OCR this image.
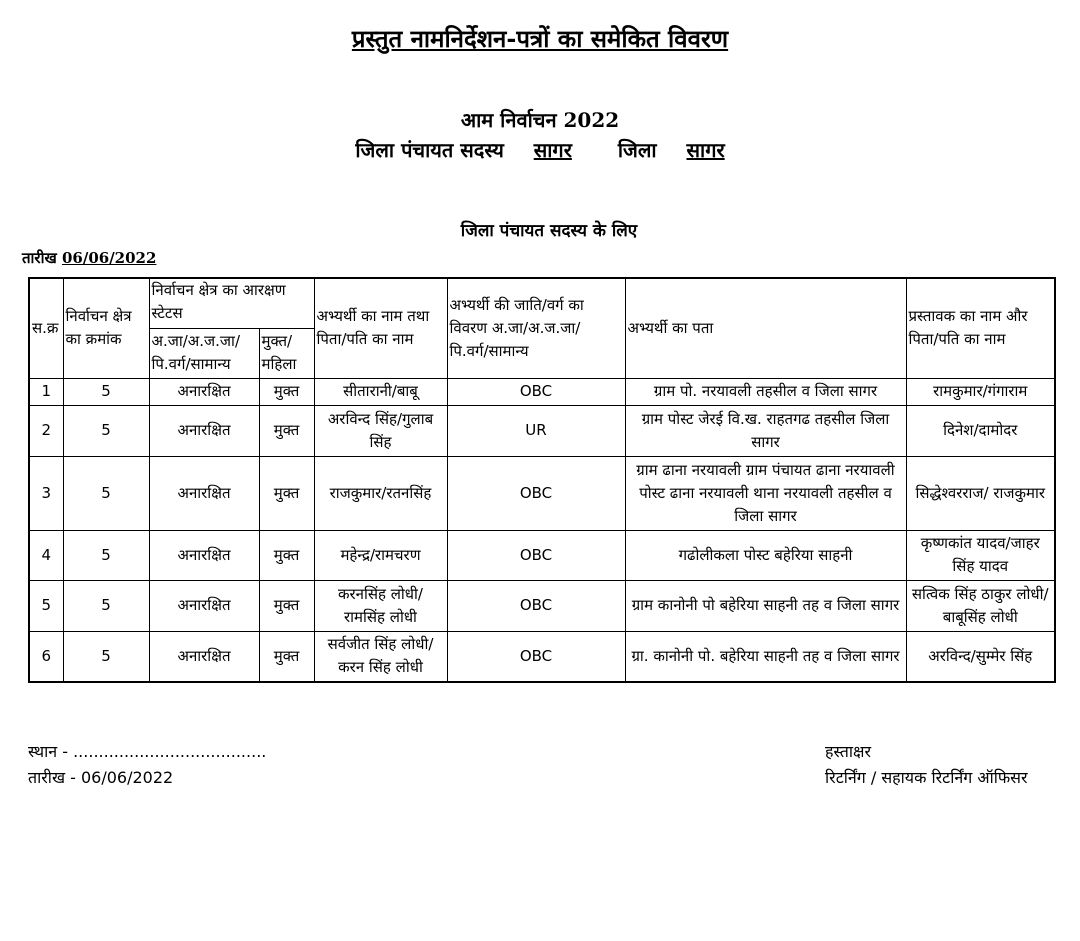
प्रस्तुत नामनिर्देशन-पत्रों का समेकित विवरण
आम निर्वाचन 2022
जिला पंचायत सदस्य सागर जिला सागर
जिला पंचायत सदस्य के लिए
तारीख 06/06/2022
स.क्र	निर्वाचन क्षेत्र का क्रमांक	निर्वाचन क्षेत्र का आरक्षण स्टेटस		अभ्यर्थी का नाम तथा पिता/पति का नाम	अभ्यर्थी की जाति/वर्ग का विवरण अ.जा/अ.ज.जा/ पि.वर्ग/सामान्य	अभ्यर्थी का पता	प्रस्तावक का नाम और पिता/पति का नाम
		अ.जा/अ.ज.जा/ पि.वर्ग/सामान्य	मुक्त/ महिला				
1	5	अनारक्षित	मुक्त	सीतारानी/बाबू	OBC	ग्राम पो. नरयावली तहसील व जिला सागर	रामकुमार/गंगाराम
2	5	अनारक्षित	मुक्त	अरविन्द सिंह/गुलाब सिंह	UR	ग्राम पोस्ट जेरई वि.ख. राहतगढ तहसील जिला सागर	दिनेश/दामोदर
3	5	अनारक्षित	मुक्त	राजकुमार/रतनसिंह	OBC	ग्राम ढाना नरयावली ग्राम पंचायत ढाना नरयावली पोस्ट ढाना नरयावली थाना नरयावली तहसील व जिला सागर	सिद्धेश्वरराज/ राजकुमार
4	5	अनारक्षित	मुक्त	महेन्द्र/रामचरण	OBC	गढोलीकला पोस्ट बहेरिया साहनी	कृष्णकांत यादव/जाहर सिंह यादव
5	5	अनारक्षित	मुक्त	करनसिंह लोधी/ रामसिंह लोधी	OBC	ग्राम कानोनी पो बहेरिया साहनी तह व जिला सागर	सत्विक सिंह ठाकुर लोधी/बाबूसिंह लोधी
6	5	अनारक्षित	मुक्त	सर्वजीत सिंह लोधी/ करन सिंह लोधी	OBC	ग्रा. कानोनी पो. बहेरिया साहनी तह व जिला सागर	अरविन्द/सुम्मेर सिंह
स्थान - ......................................
तारीख - 06/06/2022
हस्ताक्षर
रिटर्निंग / सहायक रिटर्निंग ऑफिसर
